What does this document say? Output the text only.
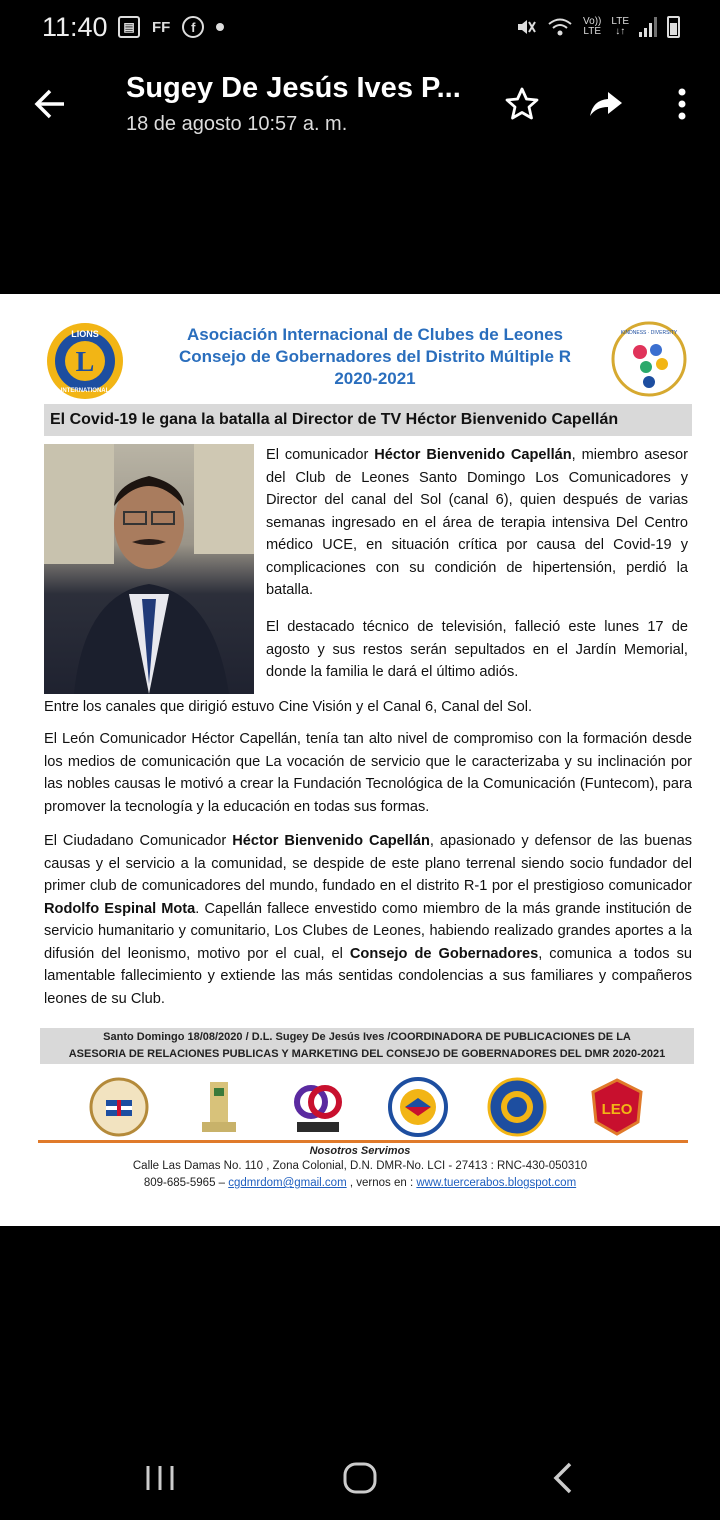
11:40	▤	FF	f	Vo))
LTE
LTE
↓↑
Sugey De Jesús Ives P...
18 de agosto 10:57 a. m.
L
LIONS
INTERNATIONAL
Asociación Internacional de Clubes de Leones
Consejo de Gobernadores del Distrito Múltiple R
2020-2021
KINDNESS · DIVERSITY
El Covid-19 le gana la batalla al Director de TV Héctor Bienvenido Capellán
El comunicador Héctor Bienvenido Capellán, miembro asesor del Club de Leones Santo Domingo Los Comunicadores y Director del canal del Sol (canal 6), quien después de varias semanas ingresado en el área de terapia intensiva Del Centro médico UCE, en situación crítica por causa del Covid-19 y complicaciones con su condición de hipertensión, perdió la batalla.
El destacado técnico de televisión, falleció este lunes 17 de agosto y sus restos serán sepultados en el Jardín Memorial, donde la familia le dará el último adiós.
Entre los canales que dirigió estuvo Cine Visión y el Canal 6, Canal del Sol.
El León Comunicador Héctor Capellán, tenía tan alto nivel de compromiso con la formación desde los medios de comunicación que La vocación de servicio que le caracterizaba y su inclinación por las nobles causas le motivó a crear la Fundación Tecnológica de la Comunicación (Funtecom), para promover la tecnología y la educación en todas sus formas.
El Ciudadano Comunicador Héctor Bienvenido Capellán, apasionado y defensor de las buenas causas y el servicio a la comunidad, se despide de este plano terrenal siendo socio fundador del primer club de comunicadores del mundo, fundado en el distrito R-1 por el prestigioso comunicador Rodolfo Espinal Mota. Capellán fallece envestido como miembro de la más grande institución de servicio humanitario y comunitario, Los Clubes de Leones, habiendo realizado grandes aportes a la difusión del leonismo, motivo por el cual, el Consejo de Gobernadores, comunica a todos su lamentable fallecimiento y extiende las más sentidas condolencias a sus familiares y compañeros leones de su Club.
Santo Domingo 18/08/2020 / D.L. Sugey De Jesús Ives /COORDINADORA DE PUBLICACIONES DE LA
ASESORIA DE RELACIONES PUBLICAS Y MARKETING DEL CONSEJO DE GOBERNADORES DEL DMR 2020-2021
LEO
Nosotros Servimos
Calle Las Damas No. 110 , Zona Colonial, D.N. DMR-No. LCI - 27413 : RNC-430-050310
809-685-5965 – cgdmrdom@gmail.com , vernos en : www.tuercerabos.blogspot.com
